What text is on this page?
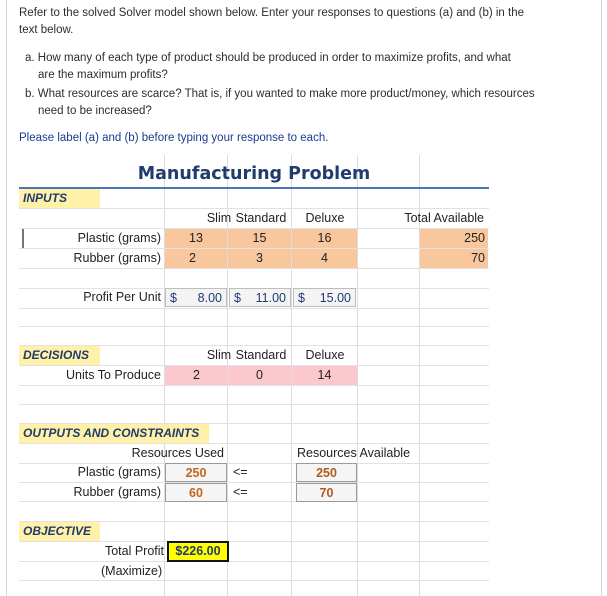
Refer to the solved Solver model shown below. Enter your responses to questions (a) and (b) in the
text below.
a. How many of each type of product should be produced in order to maximize profits, and what
are the maximum profits?
b. What resources are scarce? That is, if you wanted to make more product/money, which resources
need to be increased?
Please label (a) and (b) before typing your response to each.
Manufacturing Problem
INPUTS
Slim Standard	Deluxe	Total Available
Plastic (grams)	13	15	16	250
Rubber (grams)	2	3	4	70
Profit Per Unit $ 8.00 $ 11.00 $ 15.00
DECISIONS	Slim Standard	Deluxe
Units To Produce	2	0	14
OUTPUTS AND CONSTRAINTS
Resources Used	Resources Available
Plastic (grams)	250	<=	250
Rubber (grams)	60	<=	70
OBJECTIVE
Total Profit $226.00
(Maximize)
